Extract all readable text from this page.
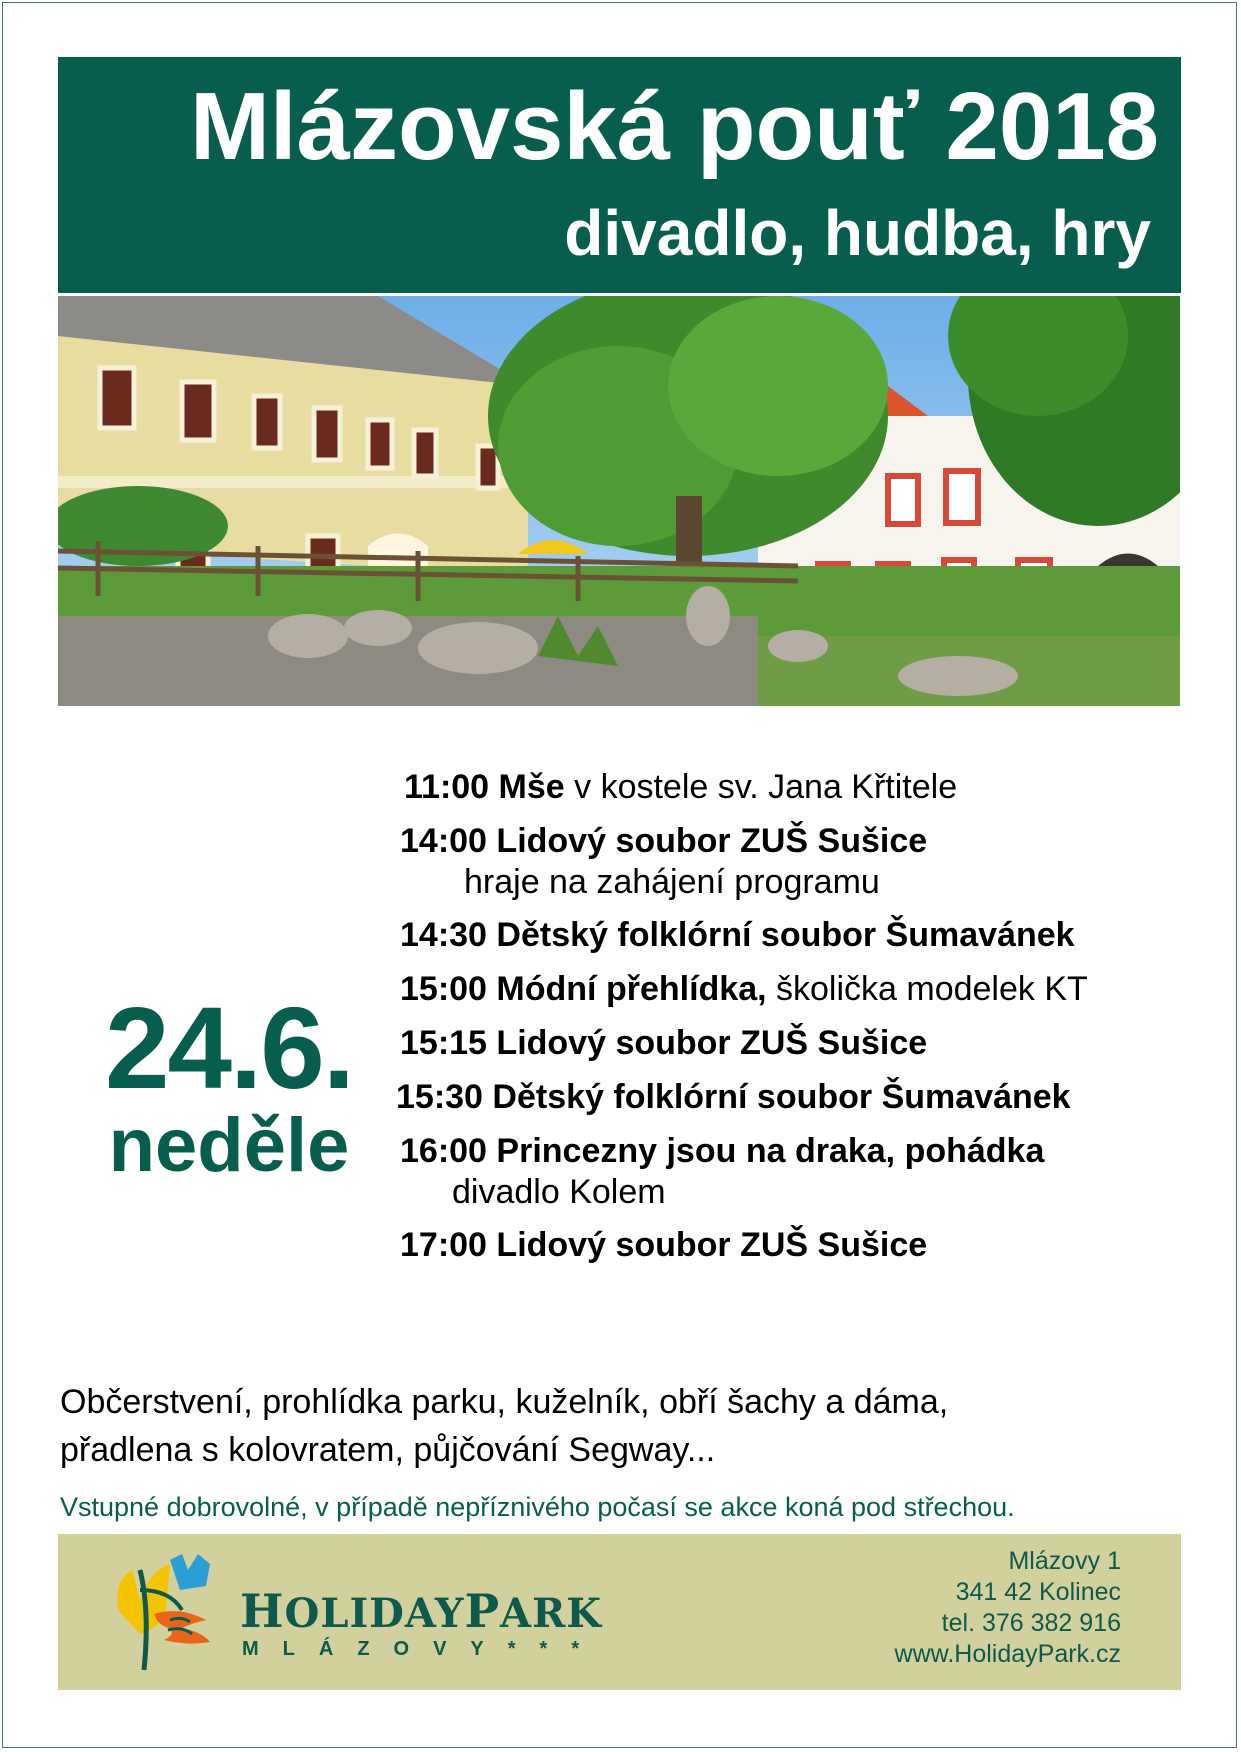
Mlázovská pouť 2018
divadlo, hudba, hry
24.6.
neděle
11:00 Mše v kostele sv. Jana Křtitele
14:00 Lidový soubor ZUŠ Sušice
hraje na zahájení programu
14:30 Dětský folklórní soubor Šumavánek
15:00 Módní přehlídka, školička modelek KT
15:15 Lidový soubor ZUŠ Sušice
15:30 Dětský folklórní soubor Šumavánek
16:00 Princezny jsou na draka, pohádka
divadlo Kolem
17:00 Lidový soubor ZUŠ Sušice
Občerstvení, prohlídka parku, kuželník, obří šachy a dáma,
přadlena s kolovratem, půjčování Segway...
Vstupné dobrovolné, v případě nepříznivého počasí se akce koná pod střechou.
HOLIDAYPARK
MLÁZOVY***
Mlázovy 1
341 42 Kolinec
tel. 376 382 916
www.HolidayPark.cz
